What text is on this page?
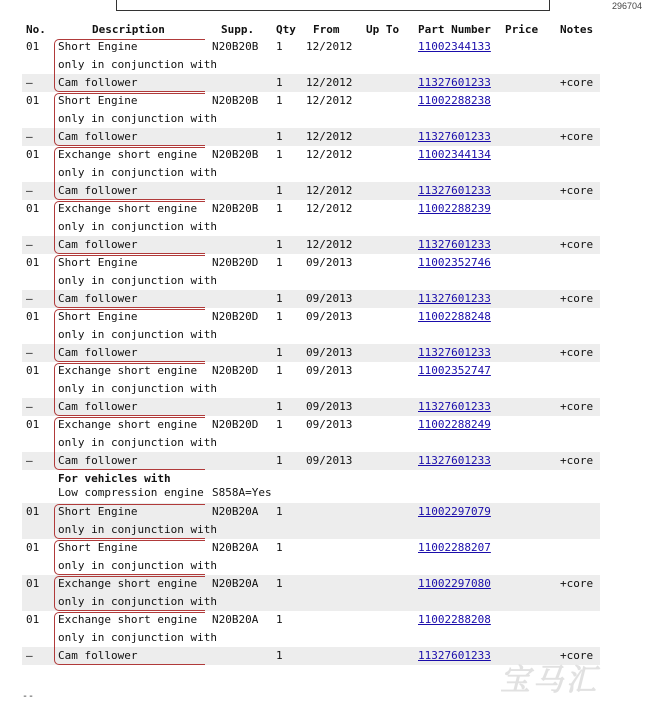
296704
No.	Description	Supp. Qty From Up To Part Number Price Notes
01 Short Engine	N20B20B 1 12/2012	11002344133
only in conjunction with
— Cam follower	1 12/2012	11327601233	+core
01 Short Engine	N20B20B 1 12/2012	11002288238
only in conjunction with
— Cam follower	1 12/2012	11327601233	+core
01 Exchange short engine N20B20B 1 12/2012	11002344134
only in conjunction with
— Cam follower	1 12/2012	11327601233	+core
01 Exchange short engine N20B20B 1 12/2012	11002288239
only in conjunction with
— Cam follower	1 12/2012	11327601233	+core
01 Short Engine	N20B20D 1 09/2013	11002352746
only in conjunction with
— Cam follower	1 09/2013	11327601233	+core
01 Short Engine	N20B20D 1 09/2013	11002288248
only in conjunction with
— Cam follower	1 09/2013	11327601233	+core
01 Exchange short engine N20B20D 1 09/2013	11002352747
only in conjunction with
— Cam follower	1 09/2013	11327601233	+core
01 Exchange short engine N20B20D 1 09/2013	11002288249
only in conjunction with
— Cam follower	1 09/2013	11327601233	+core
For vehicles with
Low compression engine S858A=Yes
01 Short Engine	N20B20A 1	11002297079
only in conjunction with
01 Short Engine	N20B20A 1	11002288207
only in conjunction with
01 Exchange short engine N20B20A 1	11002297080	+core
only in conjunction with
01 Exchange short engine N20B20A 1	11002288208
only in conjunction with
— Cam follower	1	11327601233	+core
宝马汇
--
